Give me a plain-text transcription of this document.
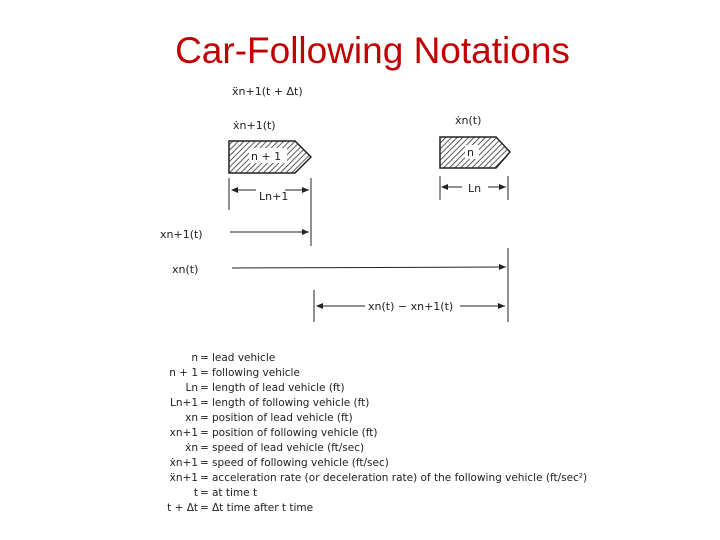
Car-Following Notations
ẍn+1(t + Δt)
ẋn+1(t)
n + 1
ẋn(t)
n
Ln+1
Ln
xn+1(t)
xn(t)
xn(t) − xn+1(t)
n = lead vehicle
n + 1 = following vehicle
Ln = length of lead vehicle (ft)
Ln+1 = length of following vehicle (ft)
xn = position of lead vehicle (ft)
xn+1 = position of following vehicle (ft)
ẋn = speed of lead vehicle (ft/sec)
ẋn+1 = speed of following vehicle (ft/sec)
ẍn+1 = acceleration rate (or deceleration rate) of the following vehicle (ft/sec²)
t = at time t
t + Δt = Δt time after t time
